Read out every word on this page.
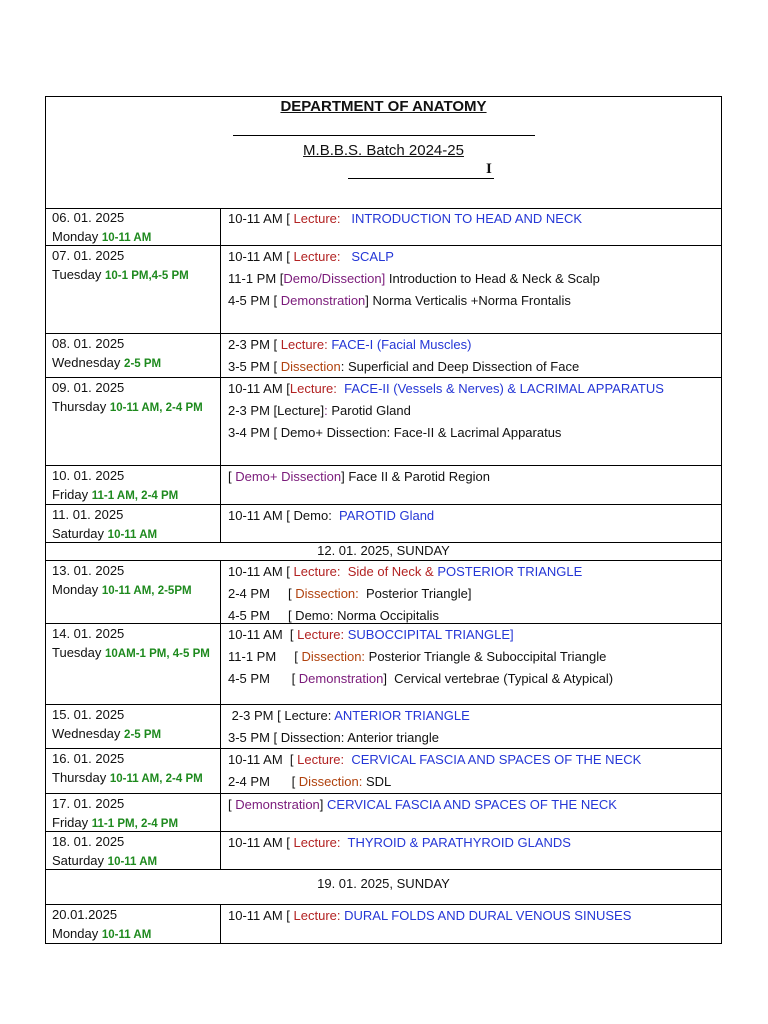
DEPARTMENT OF ANATOMY
M.B.B.S. Batch 2024-25
I
06. 01. 2025
Monday 10-11 AM
10-11 AM [ Lecture: INTRODUCTION TO HEAD AND NECK
07. 01. 2025
Tuesday 10-1 PM,4-5 PM
10-11 AM [ Lecture: SCALP
11-1 PM [Demo/Dissection] Introduction to Head & Neck & Scalp
4-5 PM [ Demonstration] Norma Verticalis +Norma Frontalis
08. 01. 2025
Wednesday 2-5 PM
2-3 PM [ Lecture: FACE-I (Facial Muscles)
3-5 PM [ Dissection: Superficial and Deep Dissection of Face
09. 01. 2025
Thursday 10-11 AM, 2-4 PM
10-11 AM [Lecture: FACE-II (Vessels & Nerves) & LACRIMAL APPARATUS
2-3 PM [Lecture]: Parotid Gland
3-4 PM [ Demo+ Dissection: Face-II & Lacrimal Apparatus
10. 01. 2025
Friday 11-1 AM, 2-4 PM
[ Demo+ Dissection] Face II & Parotid Region
11. 01. 2025
Saturday 10-11 AM
10-11 AM [ Demo:  PAROTID Gland
12. 01. 2025, SUNDAY
13. 01. 2025
Monday 10-11 AM, 2-5PM
10-11 AM [ Lecture:  Side of Neck & POSTERIOR TRIANGLE
2-4 PM     [ Dissection:  Posterior Triangle]
4-5 PM     [ Demo: Norma Occipitalis
14. 01. 2025
Tuesday 10AM-1 PM, 4-5 PM
10-11 AM  [ Lecture: SUBOCCIPITAL TRIANGLE]
11-1 PM     [ Dissection: Posterior Triangle & Suboccipital Triangle
4-5 PM      [ Demonstration]  Cervical vertebrae (Typical & Atypical)
15. 01. 2025
Wednesday 2-5 PM
2-3 PM [ Lecture: ANTERIOR TRIANGLE
3-5 PM [ Dissection: Anterior triangle
16. 01. 2025
Thursday 10-11 AM, 2-4 PM
10-11 AM  [ Lecture: CERVICAL FASCIA AND SPACES OF THE NECK
2-4 PM      [ Dissection: SDL
17. 01. 2025
Friday 11-1 PM, 2-4 PM
[ Demonstration] CERVICAL FASCIA AND SPACES OF THE NECK
18. 01. 2025
Saturday 10-11 AM
10-11 AM [ Lecture: THYROID & PARATHYROID GLANDS
19. 01. 2025, SUNDAY
20.01.2025
Monday 10-11 AM
10-11 AM [ Lecture: DURAL FOLDS AND DURAL VENOUS SINUSES
